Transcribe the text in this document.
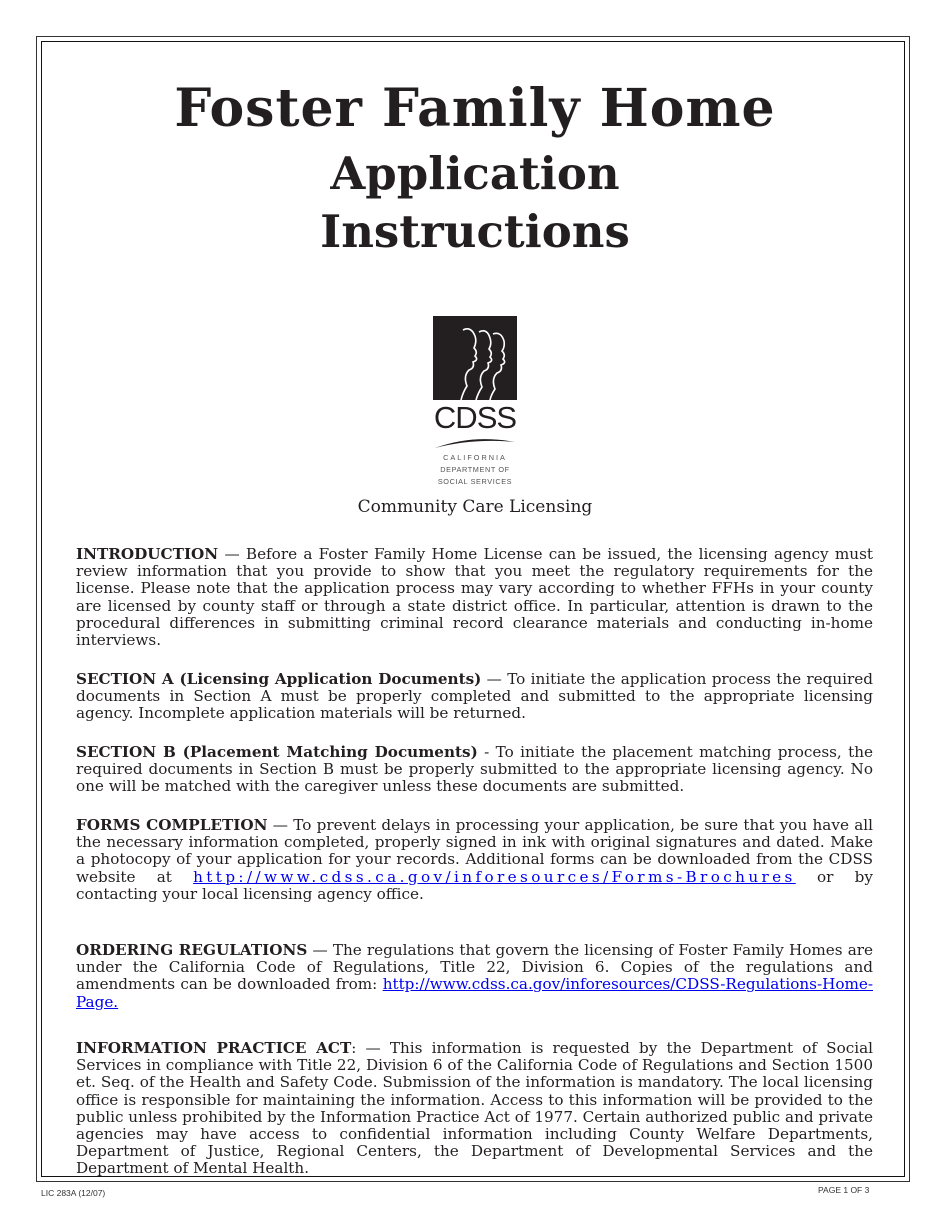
Foster Family Home
Application
Instructions
CDSS
CALIFORNIA
DEPARTMENT OF
SOCIAL SERVICES
Community Care Licensing

INTRODUCTION — Before a Foster Family Home License can be issued, the licensing agency must review information that you provide to show that you meet the regulatory requirements for the license. Please note that the application process may vary according to whether FFHs in your county are licensed by county staff or through a state district office. In particular, attention is drawn to the procedural differences in submitting criminal record clearance materials and conducting in-home interviews.

SECTION A (Licensing Application Documents) — To initiate the application process the required documents in Section A must be properly completed and submitted to the appropriate licensing agency. Incomplete application materials will be returned.

SECTION B (Placement Matching Documents) - To initiate the placement matching process, the required documents in Section B must be properly submitted to the appropriate licensing agency. No one will be matched with the caregiver unless these documents are submitted.

FORMS COMPLETION — To prevent delays in processing your application, be sure that you have all the necessary information completed, properly signed in ink with original signatures and dated. Make a photocopy of your application for your records. Additional forms can be downloaded from the CDSS website at http://www.cdss.ca.gov/inforesources/Forms-Brochures or by contacting your local licensing agency office.

ORDERING REGULATIONS — The regulations that govern the licensing of Foster Family Homes are under the California Code of Regulations, Title 22, Division 6. Copies of the regulations and amendments can be downloaded from: http://www.cdss.ca.gov/inforesources/CDSS-Regulations-Home-Page.

INFORMATION PRACTICE ACT: — This information is requested by the Department of Social Services in compliance with Title 22, Division 6 of the California Code of Regulations and Section 1500 et. Seq. of the Health and Safety Code. Submission of the information is mandatory. The local licensing office is responsible for maintaining the information. Access to this information will be provided to the public unless prohibited by the Information Practice Act of 1977. Certain authorized public and private agencies may have access to confidential information including County Welfare Departments, Department of Justice, Regional Centers, the Department of Developmental Services and the Department of Mental Health.

LIC 283A (12/07)	PAGE 1 OF 3
